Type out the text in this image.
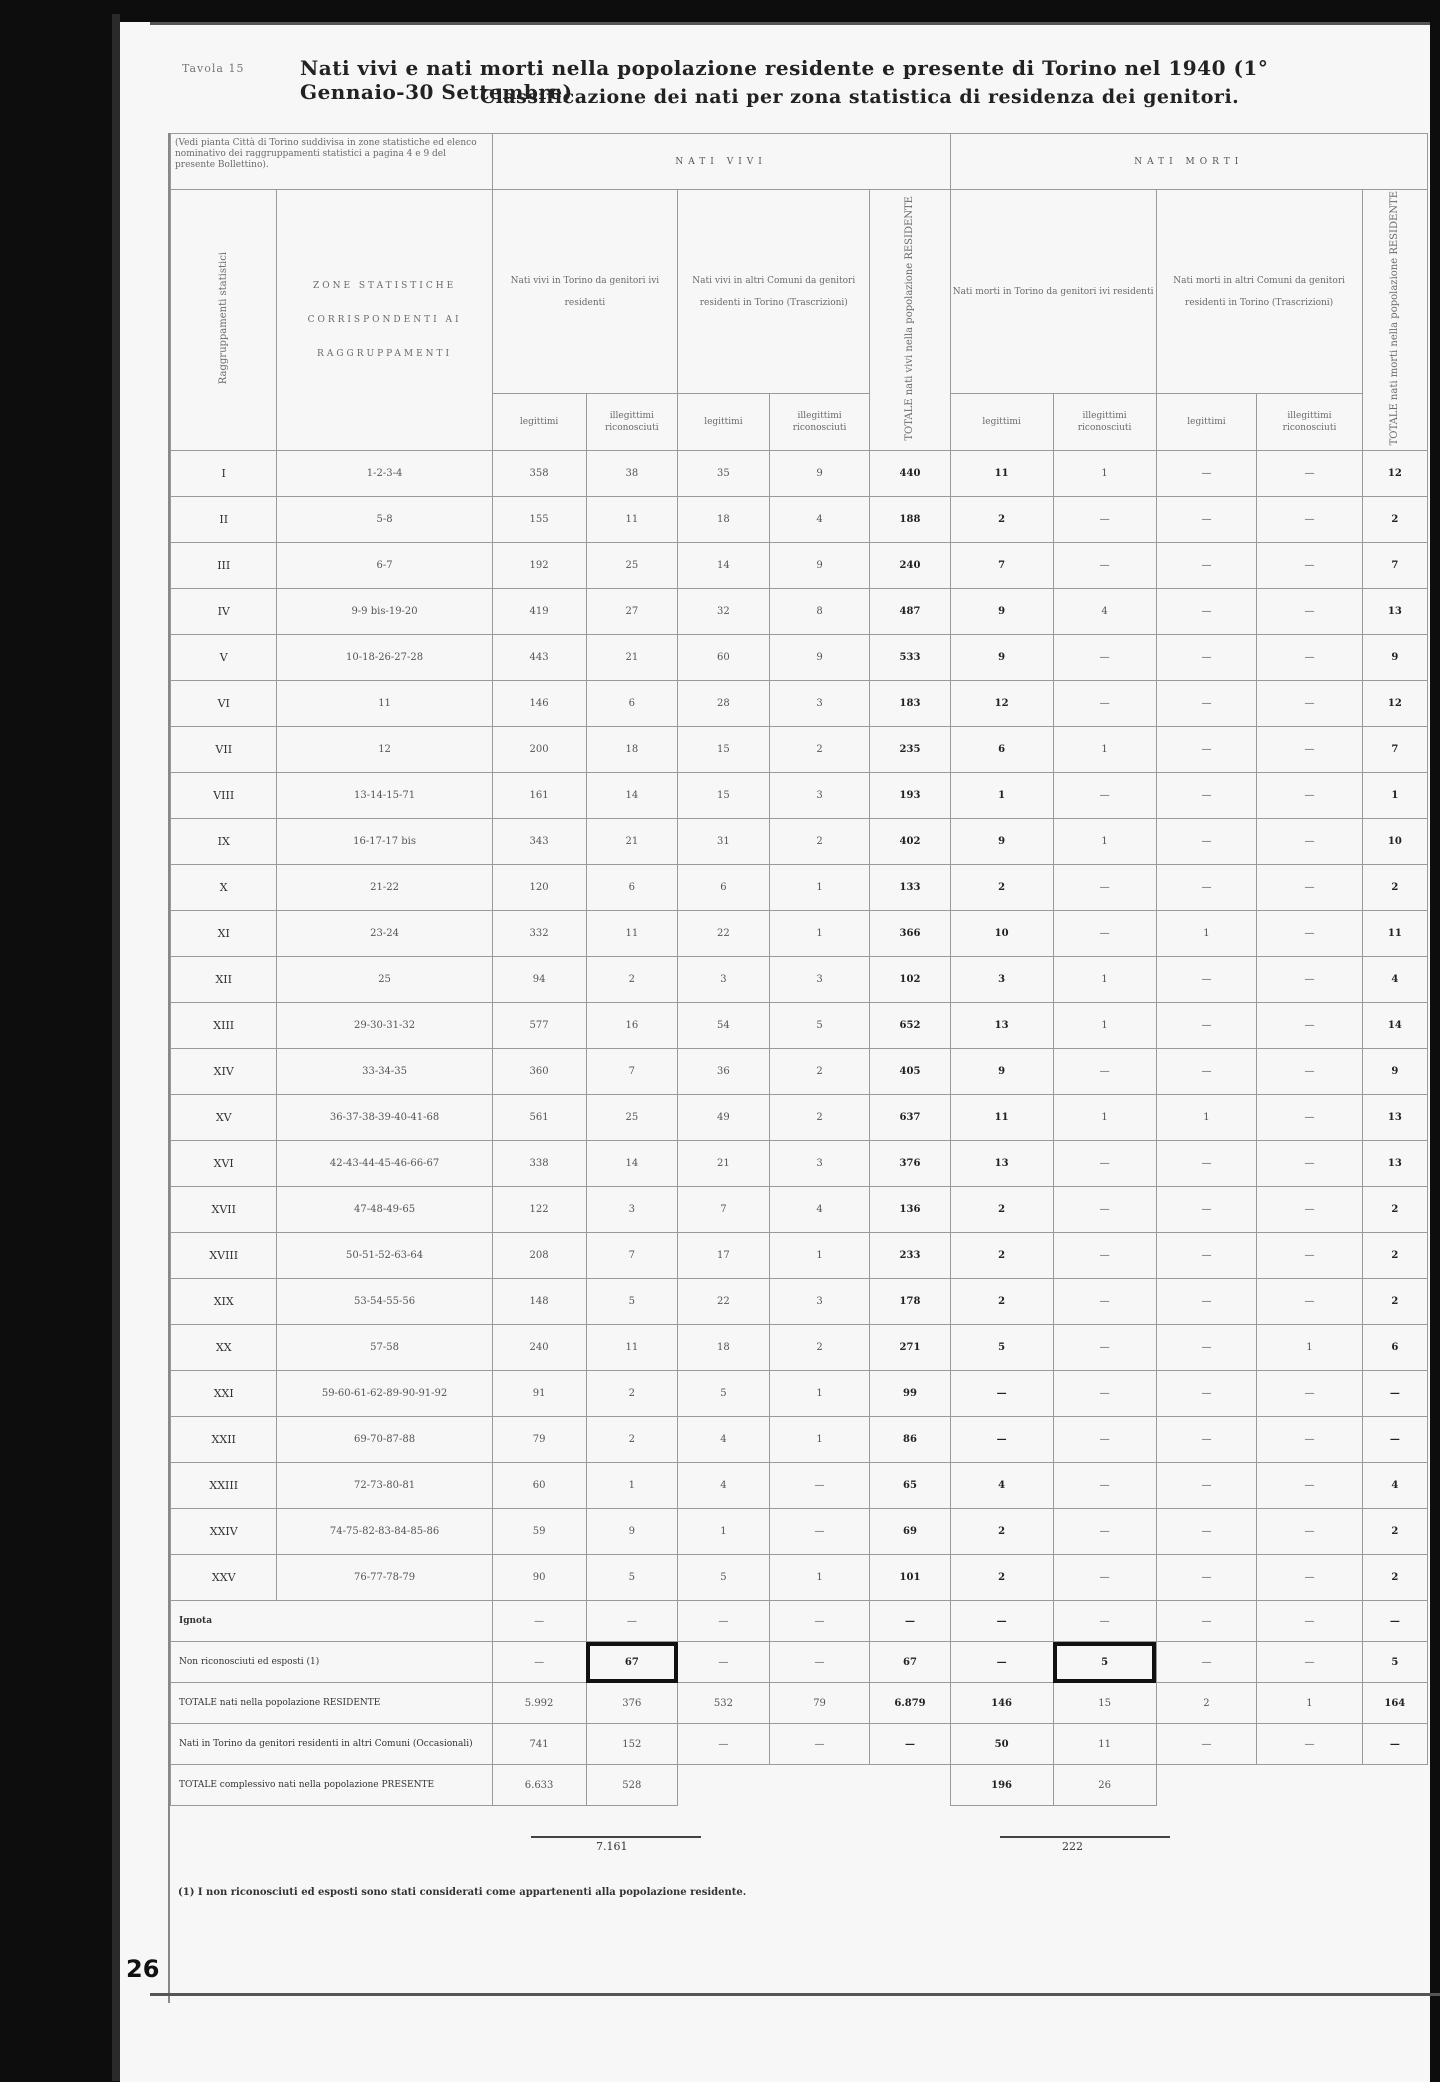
Tavola 15	Nati vivi e nati morti nella popolazione residente e presente di Torino nel 1940 (1° Gennaio-30 Settembre)
Classificazione dei nati per zona statistica di residenza dei genitori.
(Vedi pianta Città di Torino suddivisa in zone statistiche ed elenco nominativo dei raggruppamenti statistici a pagina 4 e 9 del presente Bollettino).		NATI VIVI					NATI MORTI				
Raggruppamenti statistici	ZONE STATISTICHE CORRISPONDENTI AI RAGGRUPPAMENTI	Nati vivi in Torino da genitori ivi residenti		Nati vivi in altri Comuni da genitori residenti in Torino (Trascrizioni)		TOTALE nati vivi nella popolazione RESIDENTE	Nati morti in Torino da genitori ivi residenti		Nati morti in altri Comuni da genitori residenti in Torino (Trascrizioni)		TOTALE nati morti nella popolazione RESIDENTE
		legittimi	illegittimi riconosciuti	legittimi	illegittimi riconosciuti		legittimi	illegittimi riconosciuti	legittimi	illegittimi riconosciuti	
I	1-2-3-4	358	38	35	9	440	11	1	—	—	12
II	5-8	155	11	18	4	188	2	—	—	—	2
III	6-7	192	25	14	9	240	7	—	—	—	7
IV	9-9 bis-19-20	419	27	32	8	487	9	4	—	—	13
V	10-18-26-27-28	443	21	60	9	533	9	—	—	—	9
VI	11	146	6	28	3	183	12	—	—	—	12
VII	12	200	18	15	2	235	6	1	—	—	7
VIII	13-14-15-71	161	14	15	3	193	1	—	—	—	1
IX	16-17-17 bis	343	21	31	2	402	9	1	—	—	10
X	21-22	120	6	6	1	133	2	—	—	—	2
XI	23-24	332	11	22	1	366	10	—	1	—	11
XII	25	94	2	3	3	102	3	1	—	—	4
XIII	29-30-31-32	577	16	54	5	652	13	1	—	—	14
XIV	33-34-35	360	7	36	2	405	9	—	—	—	9
XV	36-37-38-39-40-41-68	561	25	49	2	637	11	1	1	—	13
XVI	42-43-44-45-46-66-67	338	14	21	3	376	13	—	—	—	13
XVII	47-48-49-65	122	3	7	4	136	2	—	—	—	2
XVIII	50-51-52-63-64	208	7	17	1	233	2	—	—	—	2
XIX	53-54-55-56	148	5	22	3	178	2	—	—	—	2
XX	57-58	240	11	18	2	271	5	—	—	1	6
XXI	59-60-61-62-89-90-91-92	91	2	5	1	99	—	—	—	—	—
XXII	69-70-87-88	79	2	4	1	86	—	—	—	—	—
XXIII	72-73-80-81	60	1	4	—	65	4	—	—	—	4
XXIV	74-75-82-83-84-85-86	59	9	1	—	69	2	—	—	—	2
XXV	76-77-78-79	90	5	5	1	101	2	—	—	—	2
Ignota		—	—	—	—	—	—	—	—	—	—
Non riconosciuti ed esposti (1)		—	67	—	—	67	—	5	—	—	5
TOTALE nati nella popolazione RESIDENTE		5.992	376	532	79	6.879	146	15	2	1	164
Nati in Torino da genitori residenti in altri Comuni (Occasionali)		741	152	—	—	—	50	11	—	—	—
TOTALE complessivo nati nella popolazione PRESENTE		6.633	528				196	26			
7.161	222
(1) I non riconosciuti ed esposti sono stati considerati come appartenenti alla popolazione residente.
26
